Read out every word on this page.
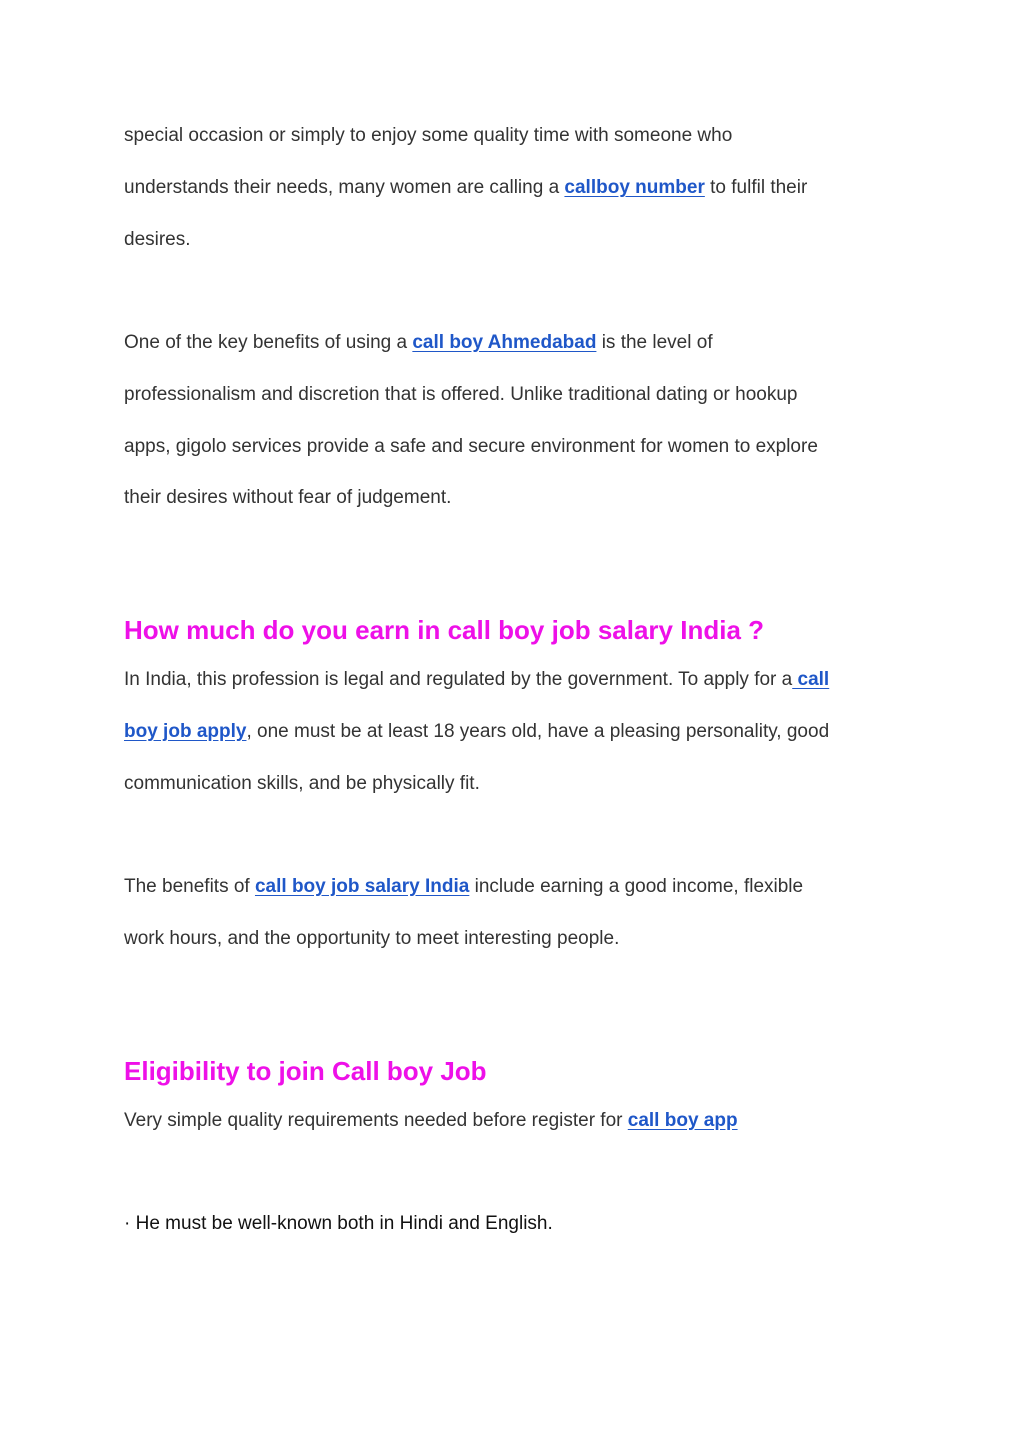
special occasion or simply to enjoy some quality time with someone who
understands their needs, many women are calling a callboy number to fulfil their
desires.
One of the key benefits of using a call boy Ahmedabad is the level of
professionalism and discretion that is offered. Unlike traditional dating or hookup
apps, gigolo services provide a safe and secure environment for women to explore
their desires without fear of judgement.
How much do you earn in call boy job salary India ?
In India, this profession is legal and regulated by the government. To apply for a call
boy job apply, one must be at least 18 years old, have a pleasing personality, good
communication skills, and be physically fit.
The benefits of call boy job salary India include earning a good income, flexible
work hours, and the opportunity to meet interesting people.
Eligibility to join Call boy Job
Very simple quality requirements needed before register for call boy app
· He must be well-known both in Hindi and English.
